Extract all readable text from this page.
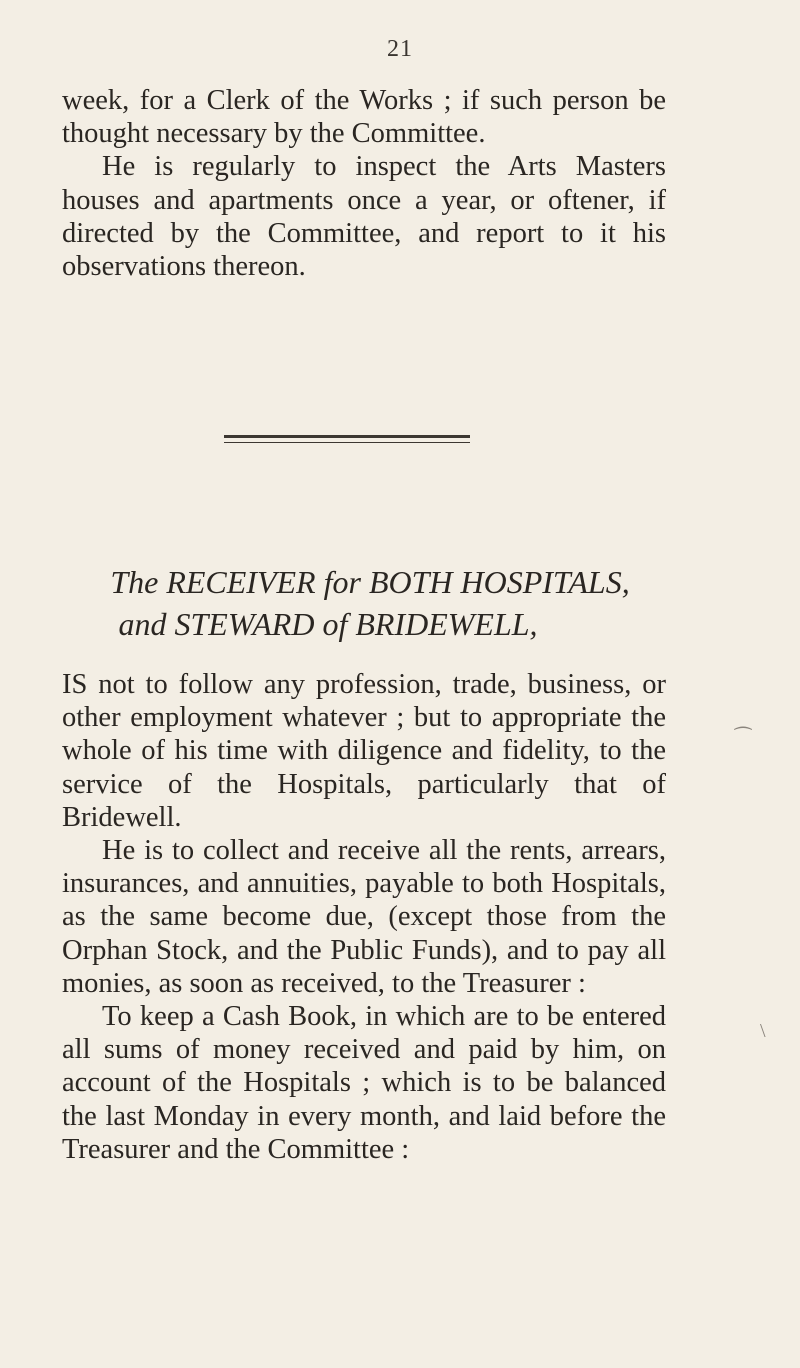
21

week, for a Clerk of the Works ; if such person be thought necessary by the Committee.

He is regularly to inspect the Arts Masters houses and apartments once a year, or oftener, if directed by the Committee, and report to it his observations thereon.

The RECEIVER for BOTH HOSPITALS,
and STEWARD of BRIDEWELL,

IS not to follow any profession, trade, business, or other employment whatever ; but to appropriate the whole of his time with diligence and fidelity, to the service of the Hospitals, particularly that of Bridewell.

He is to collect and receive all the rents, arrears, insurances, and annuities, payable to both Hospitals, as the same become due, (except those from the Orphan Stock, and the Public Funds), and to pay all monies, as soon as received, to the Treasurer :

To keep a Cash Book, in which are to be entered all sums of money received and paid by him, on account of the Hospitals ; which is to be balanced the last Monday in every month, and laid before the Treasurer and the Committee :

⁔
\
